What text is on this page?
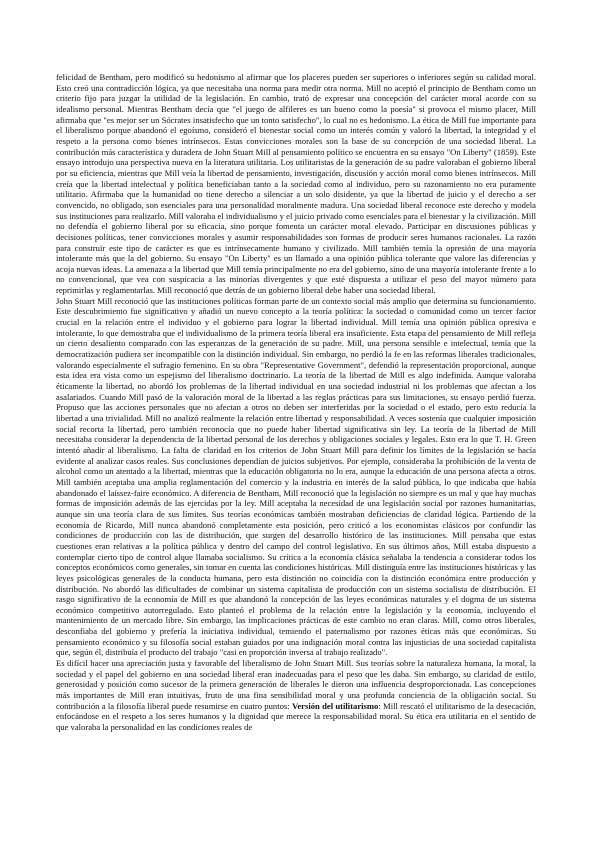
felicidad de Bentham, pero modificó su hedonismo al afirmar que los placeres pueden ser superiores o inferiores según su calidad moral. Esto creó una contradicción lógica, ya que necesitaba una norma para medir otra norma. Mill no aceptó el principio de Bentham como un criterio fijo para juzgar la utilidad de la legislación. En cambio, trató de expresar una concepción del carácter moral acorde con su idealismo personal. Mientras Bentham decía que "el juego de alfileres es tan bueno como la poesía" si provoca el mismo placer, Mill afirmaba que "es mejor ser un Sócrates insatisfecho que un tonto satisfecho", lo cual no es hedonismo. La ética de Mill fue importante para el liberalismo porque abandonó el egoísmo, consideró el bienestar social como un interés común y valoró la libertad, la integridad y el respeto a la persona como bienes intrínsecos. Estas convicciones morales son la base de su concepción de una sociedad liberal. La contribución más característica y duradera de John Stuart Mill al pensamiento político se encuentra en su ensayo "On Liberty" (1859). Este ensayo introdujo una perspectiva nueva en la literatura utilitaria. Los utilitaristas de la generación de su padre valoraban el gobierno liberal por su eficiencia, mientras que Mill veía la libertad de pensamiento, investigación, discusión y acción moral como bienes intrínsecos. Mill creía que la libertad intelectual y política beneficiaban tanto a la sociedad como al individuo, pero su razonamiento no era puramente utilitario. Afirmaba que la humanidad no tiene derecho a silenciar a un solo disidente, ya que la libertad de juicio y el derecho a ser convencido, no obligado, son esenciales para una personalidad moralmente madura. Una sociedad liberal reconoce este derecho y modela sus instituciones para realizarlo. Mill valoraba el individualismo y el juicio privado como esenciales para el bienestar y la civilización. Mill no defendía el gobierno liberal por su eficacia, sino porque fomenta un carácter moral elevado. Participar en discusiones públicas y decisiones políticas, tener convicciones morales y asumir responsabilidades son formas de producir seres humanos racionales. La razón para construir este tipo de carácter es que es intrínsecamente humano y civilizado. Mill también temía la opresión de una mayoría intolerante más que la del gobierno. Su ensayo "On Liberty" es un llamado a una opinión pública tolerante que valore las diferencias y acoja nuevas ideas. La amenaza a la libertad que Mill temía principalmente no era del gobierno, sino de una mayoría intolerante frente a lo no convencional, que vea con suspicacia a las minorías divergentes y que esté dispuesta a utilizar el peso del mayor número para reprimirlas y reglamentarlas. Mill reconoció que detrás de un gobierno liberal debe haber una sociedad liberal.

John Stuart Mill reconoció que las instituciones políticas forman parte de un contexto social más amplio que determina su funcionamiento. Este descubrimiento fue significativo y añadió un nuevo concepto a la teoría política: la sociedad o comunidad como un tercer factor crucial en la relación entre el individuo y el gobierno para lograr la libertad individual. Mill temía una opinión pública opresiva e intolerante, lo que demostraba que el individualismo de la primera teoría liberal era insuficiente. Esta etapa del pensamiento de Mill refleja un cierto desaliento comparado con las esperanzas de la generación de su padre. Mill, una persona sensible e intelectual, temía que la democratización pudiera ser incompatible con la distinción individual. Sin embargo, no perdió la fe en las reformas liberales tradicionales, valorando especialmente el sufragio femenino. En su obra "Representative Government", defendió la representación proporcional, aunque esta idea era vista como un espejismo del liberalismo doctrinario. La teoría de la libertad de Mill es algo indefinida. Aunque valoraba éticamente la libertad, no abordó los problemas de la libertad individual en una sociedad industrial ni los problemas que afectan a los asalariados. Cuando Mill pasó de la valoración moral de la libertad a las reglas prácticas para sus limitaciones, su ensayo perdió fuerza. Propuso que las acciones personales que no afectan a otros no deben ser interferidas por la sociedad o el estado, pero esto reducía la libertad a una trivialidad. Mill no analizó realmente la relación entre libertad y responsabilidad. A veces sostenía que cualquier imposición social recorta la libertad, pero también reconocía que no puede haber libertad significativa sin ley. La teoría de la libertad de Mill necesitaba considerar la dependencia de la libertad personal de los derechos y obligaciones sociales y legales. Esto era lo que T. H. Green intentó añadir al liberalismo. La falta de claridad en los criterios de John Stuart Mill para definir los límites de la legislación se hacía evidente al analizar casos reales. Sus conclusiones dependían de juicios subjetivos. Por ejemplo, consideraba la prohibición de la venta de alcohol como un atentado a la libertad, mientras que la educación obligatoria no lo era, aunque la educación de una persona afecta a otros. Mill también aceptaba una amplia reglamentación del comercio y la industria en interés de la salud pública, lo que indicaba que había abandonado el laissez-faire económico. A diferencia de Bentham, Mill reconoció que la legislación no siempre es un mal y que hay muchas formas de imposición además de las ejercidas por la ley. Mill aceptaba la necesidad de una legislación social por razones humanitarias, aunque sin una teoría clara de sus límites. Sus teorías económicas también mostraban deficiencias de claridad lógica. Partiendo de la economía de Ricardo, Mill nunca abandonó completamente esta posición, pero criticó a los economistas clásicos por confundir las condiciones de producción con las de distribución, que surgen del desarrollo histórico de las instituciones. Mill pensaba que estas cuestiones eran relativas a la política pública y dentro del campo del control legislativo. En sus últimos años, Mill estaba dispuesto a contemplar cierto tipo de control alque llamaba socialismo. Su crítica a la economía clásica señalaba la tendencia a considerar todos los conceptos económicos como generales, sin tomar en cuenta las condiciones históricas. Mill distinguía entre las instituciones históricas y las leyes psicológicas generales de la conducta humana, pero esta distinción no coincidía con la distinción económica entre producción y distribución. No abordó las dificultades de combinar un sistema capitalista de producción con un sistema socialista de distribución. El rasgo significativo de la economía de Mill es que abandonó la concepción de las leyes económicas naturales y el dogma de un sistema económico competitivo autorregulado. Esto planteó el problema de la relación entre la legislación y la economía, incluyendo el mantenimiento de un mercado libre. Sin embargo, las implicaciones prácticas de este cambio no eran claras. Mill, como otros liberales, desconfiaba del gobierno y prefería la iniciativa individual, temiendo el paternalismo por razones éticas más que económicas. Su pensamiento económico y su filosofía social estaban guiados por una indignación moral contra las injusticias de una sociedad capitalista que, según él, distribuía el producto del trabajo "casi en proporción inversa al trabajo realizado".

Es difícil hacer una apreciación justa y favorable del liberalismo de John Stuart Mill. Sus teorías sobre la naturaleza humana, la moral, la sociedad y el papel del gobierno en una sociedad liberal eran inadecuadas para el peso que les daba. Sin embargo, su claridad de estilo, generosidad y posición como sucesor de la primera generación de liberales le dieron una influencia desproporcionada. Las concepciones más importantes de Mill eran intuitivas, fruto de una fina sensibilidad moral y una profunda conciencia de la obligación social. Su contribución a la filosofía liberal puede resumirse en cuatro puntos: Versión del utilitarismo: Mill rescató el utilitarismo de la desecación, enfocándose en el respeto a los seres humanos y la dignidad que merece la responsabilidad moral. Su ética era utilitaria en el sentido de que valoraba la personalidad en las condiciones reales de
